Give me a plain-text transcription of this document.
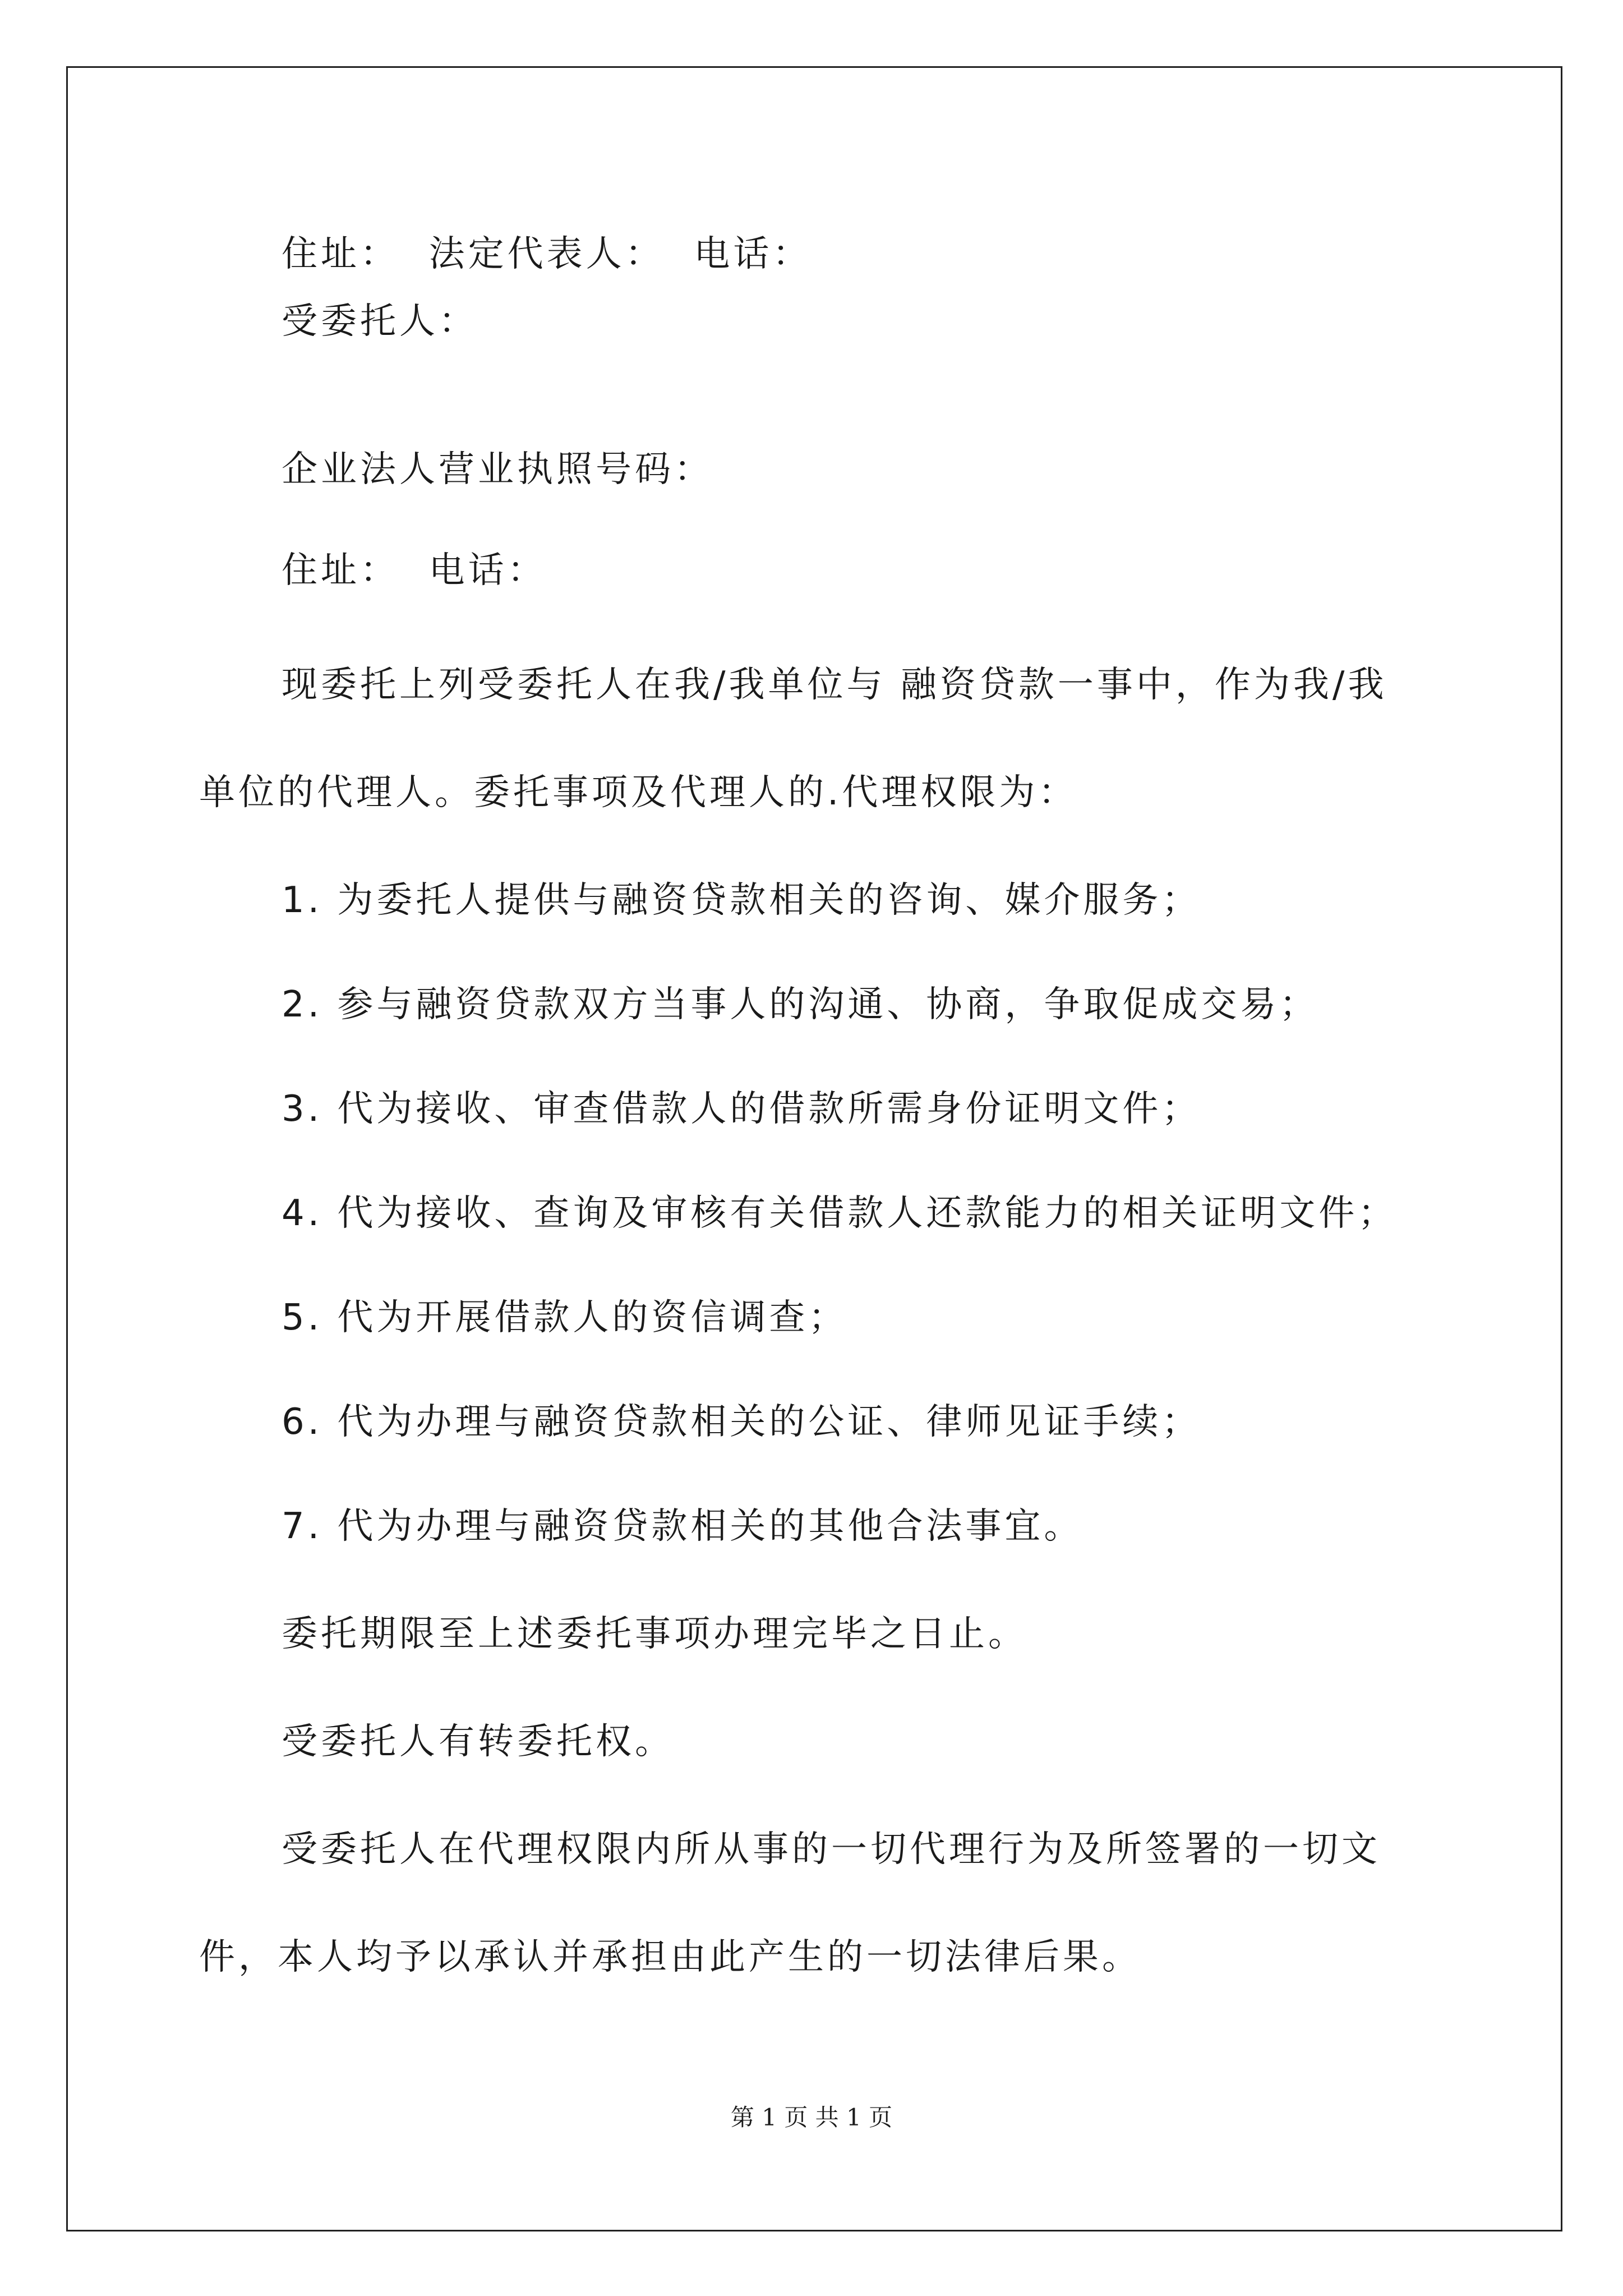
住址：  法定代表人：  电话：
受委托人：
企业法人营业执照号码：
住址：  电话：
现委托上列受委托人在我/我单位与 融资贷款一事中，作为我/我
单位的代理人。委托事项及代理人的.代理权限为：
1. 为委托人提供与融资贷款相关的咨询、媒介服务；
2. 参与融资贷款双方当事人的沟通、协商，争取促成交易；
3. 代为接收、审查借款人的借款所需身份证明文件；
4. 代为接收、查询及审核有关借款人还款能力的相关证明文件；
5. 代为开展借款人的资信调查；
6. 代为办理与融资贷款相关的公证、律师见证手续；
7. 代为办理与融资贷款相关的其他合法事宜。
委托期限至上述委托事项办理完毕之日止。
受委托人有转委托权。
受委托人在代理权限内所从事的一切代理行为及所签署的一切文
件，本人均予以承认并承担由此产生的一切法律后果。
第 1 页 共 1 页
